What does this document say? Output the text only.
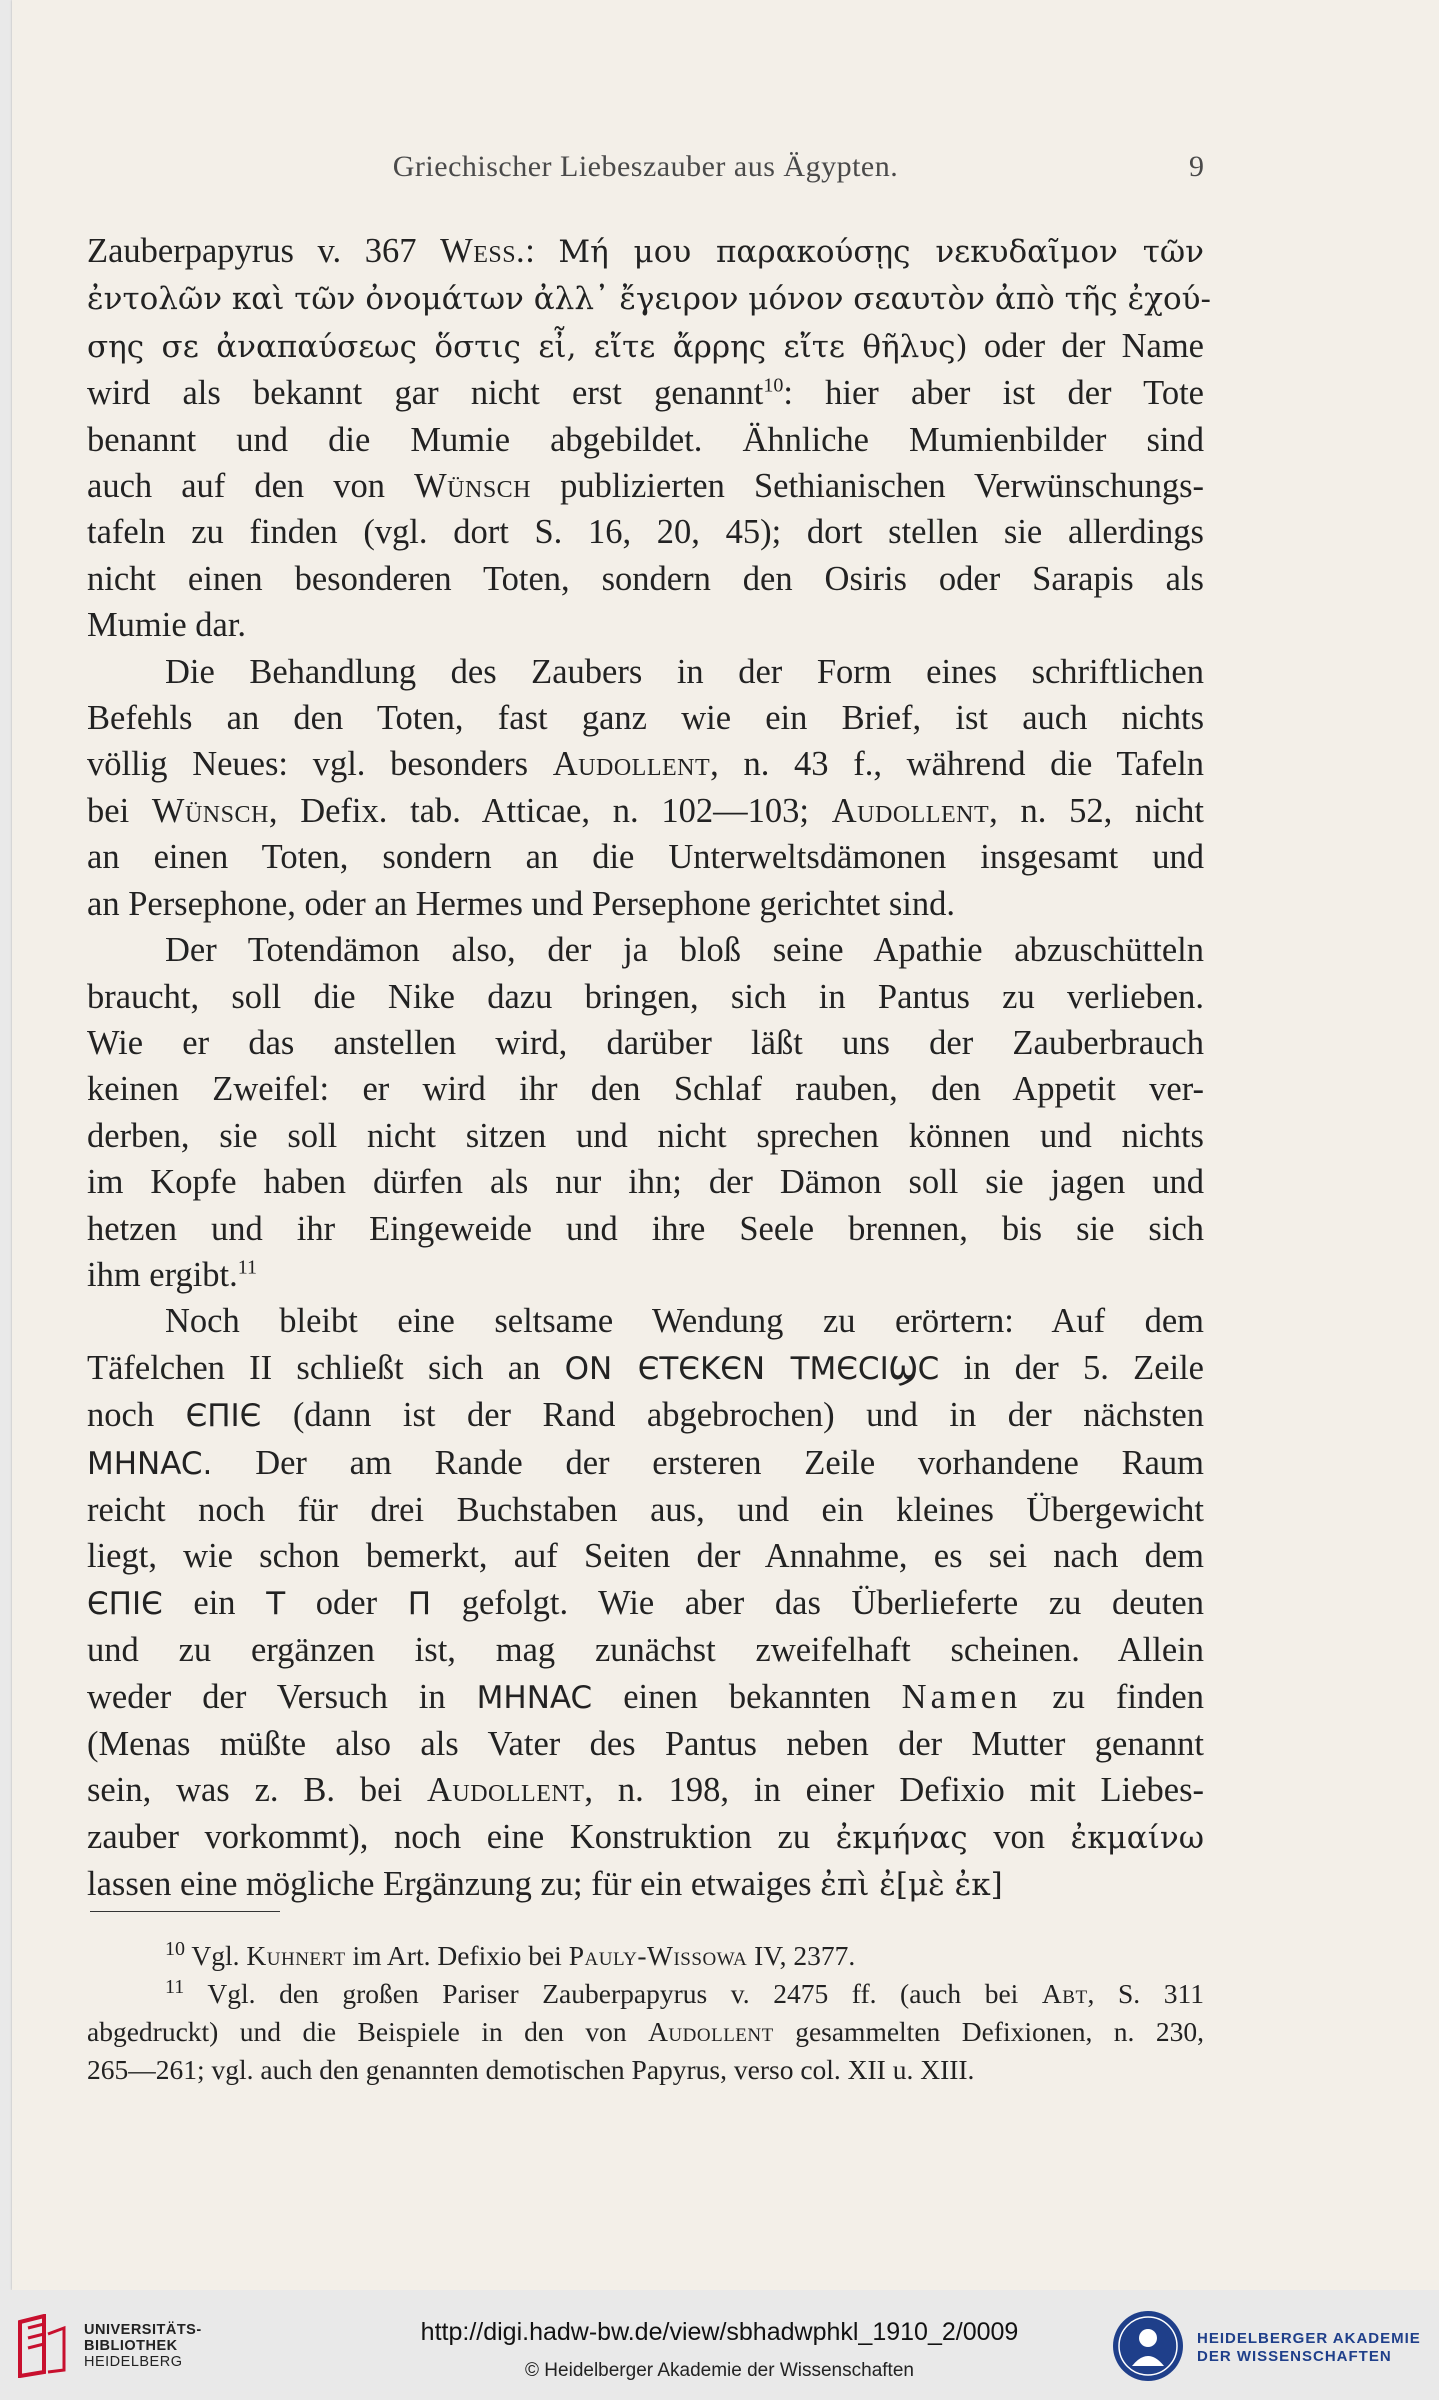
Griechischer Liebeszauber aus Ägypten.	9
Zauberpapyrus v. 367 Wess.: Μή μου παρακούσῃς νεκυδαῖμον τῶν
ἐντολῶν καὶ τῶν ὀνομάτων ἀλλ᾽ ἔγειρον μόνον σεαυτὸν ἀπὸ τῆς ἐχού-
σης σε ἀναπαύσεως ὅστις εἶ, εἴτε ἄρρης εἴτε θῆλυς) oder der Name
wird als bekannt gar nicht erst genannt$^{10}$: hier aber ist der Tote
benannt und die Mumie abgebildet. Ähnliche Mumienbilder sind
auch auf den von Wünsch publizierten Sethianischen Verwünschungs-
tafeln zu finden (vgl. dort S. 16, 20, 45); dort stellen sie allerdings
nicht einen besonderen Toten, sondern den Osiris oder Sarapis als
Mumie dar.
Die Behandlung des Zaubers in der Form eines schriftlichen
Befehls an den Toten, fast ganz wie ein Brief, ist auch nichts
völlig Neues: vgl. besonders Audollent, n. 43 f., während die Tafeln
bei Wünsch, Defix. tab. Atticae, n. 102—103; Audollent, n. 52, nicht
an einen Toten, sondern an die Unterweltsdämonen insgesamt und
an Persephone, oder an Hermes und Persephone gerichtet sind.
Der Totendämon also, der ja bloß seine Apathie abzuschütteln
braucht, soll die Nike dazu bringen, sich in Pantus zu verlieben.
Wie er das anstellen wird, darüber läßt uns der Zauberbrauch
keinen Zweifel: er wird ihr den Schlaf rauben, den Appetit ver-
derben, sie soll nicht sitzen und nicht sprechen können und nichts
im Kopfe haben dürfen als nur ihn; der Dämon soll sie jagen und
hetzen und ihr Eingeweide und ihre Seele brennen, bis sie sich
ihm ergibt.$^{11}$
Noch bleibt eine seltsame Wendung zu erörtern: Auf dem
Täfelchen II schließt sich an ON ЄTЄKЄN TMЄCIϢC in der 5. Zeile
noch ЄПIЄ (dann ist der Rand abgebrochen) und in der nächsten
MHNAC. Der am Rande der ersteren Zeile vorhandene Raum
reicht noch für drei Buchstaben aus, und ein kleines Übergewicht
liegt, wie schon bemerkt, auf Seiten der Annahme, es sei nach dem
ЄПIЄ ein T oder Π gefolgt. Wie aber das Überlieferte zu deuten
und zu ergänzen ist, mag zunächst zweifelhaft scheinen. Allein
weder der Versuch in MHNAC einen bekannten Namen zu finden
(Menas müßte also als Vater des Pantus neben der Mutter genannt
sein, was z. B. bei Audollent, n. 198, in einer Defixio mit Liebes-
zauber vorkommt), noch eine Konstruktion zu ἐκμήνας von ἐκμαίνω
lassen eine mögliche Ergänzung zu; für ein etwaiges ἐπὶ ἐ[μὲ ἐκ]
$^{10}$ Vgl. Kuhnert im Art. Defixio bei Pauly-Wissowa IV, 2377.
$^{11}$ Vgl. den großen Pariser Zauberpapyrus v. 2475 ff. (auch bei Abt, S. 311
abgedruckt) und die Beispiele in den von Audollent gesammelten Defixionen, n. 230,
265—261; vgl. auch den genannten demotischen Papyrus, verso col. XII u. XIII.
UNIVERSITÄTS-
BIBLIOTHEK
HEIDELBERG
http://digi.hadw-bw.de/view/sbhadwphkl_1910_2/0009
© Heidelberger Akademie der Wissenschaften
HEIDELBERGER AKADEMIE
DER WISSENSCHAFTEN
